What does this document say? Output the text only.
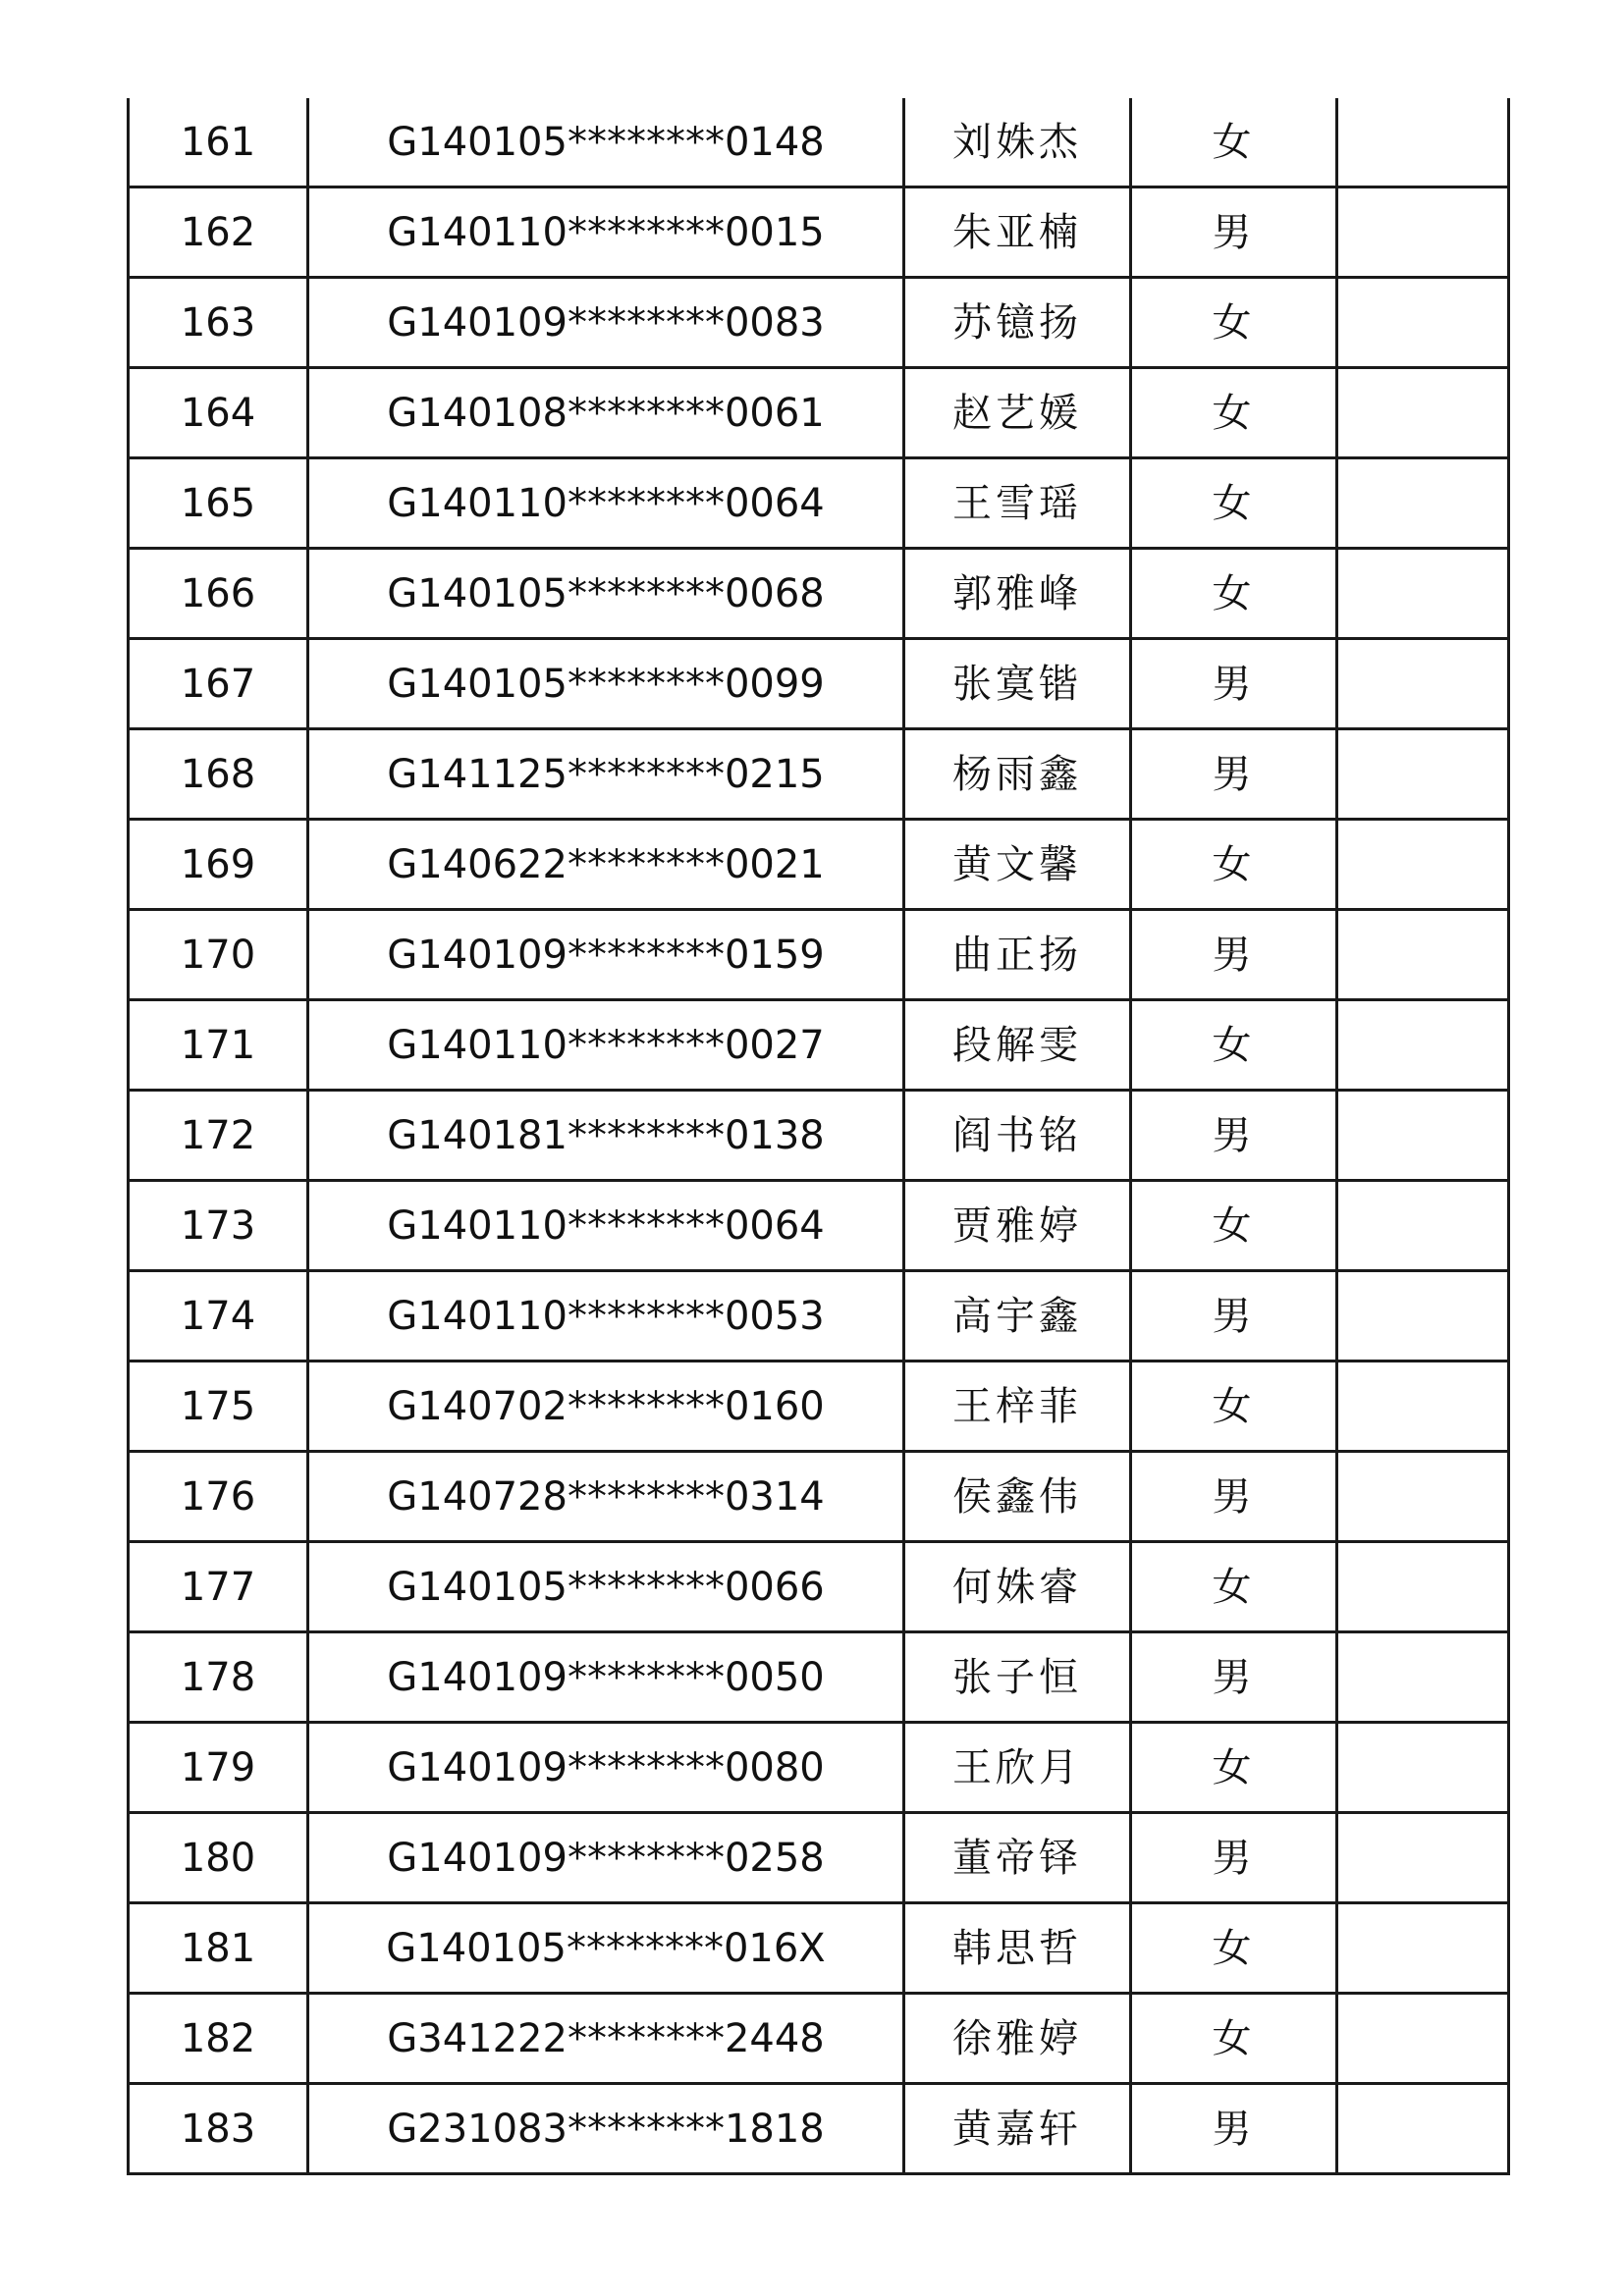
161	G140105********0148	刘姝杰	女	
162	G140110********0015	朱亚楠	男	
163	G140109********0083	苏镱扬	女	
164	G140108********0061	赵艺媛	女	
165	G140110********0064	王雪瑶	女	
166	G140105********0068	郭雅峰	女	
167	G140105********0099	张寞锴	男	
168	G141125********0215	杨雨鑫	男	
169	G140622********0021	黄文馨	女	
170	G140109********0159	曲正扬	男	
171	G140110********0027	段解雯	女	
172	G140181********0138	阎书铭	男	
173	G140110********0064	贾雅婷	女	
174	G140110********0053	高宇鑫	男	
175	G140702********0160	王梓菲	女	
176	G140728********0314	侯鑫伟	男	
177	G140105********0066	何姝睿	女	
178	G140109********0050	张子恒	男	
179	G140109********0080	王欣月	女	
180	G140109********0258	董帝铎	男	
181	G140105********016X	韩思哲	女	
182	G341222********2448	徐雅婷	女	
183	G231083********1818	黄嘉轩	男	
